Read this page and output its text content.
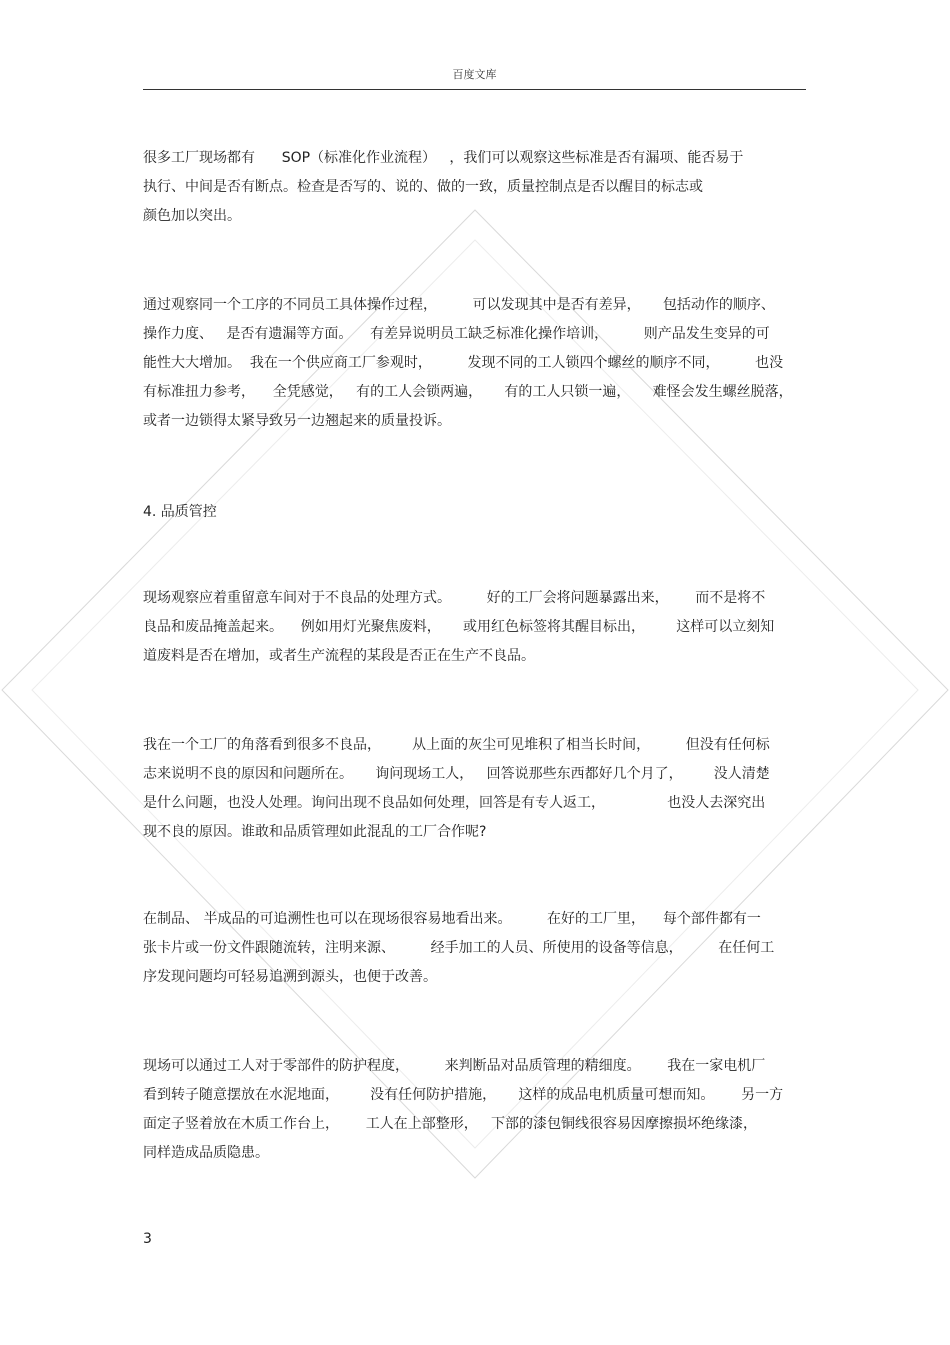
百度文库

很多工厂现场都有      SOP（标准化作业流程）   ，我们可以观察这些标准是否有漏项、能否易于
执行、中间是否有断点。检查是否写的、说的、做的一致，质量控制点是否以醒目的标志或
颜色加以突出。

通过观察同一个工序的不同员工具体操作过程，        可以发现其中是否有差异，     包括动作的顺序、
操作力度、   是否有遗漏等方面。    有差异说明员工缺乏标准化操作培训，        则产品发生变异的可
能性大大增加。  我在一个供应商工厂参观时，        发现不同的工人锁四个螺丝的顺序不同，        也没
有标准扭力参考，    全凭感觉，   有的工人会锁两遍，     有的工人只锁一遍，     难怪会发生螺丝脱落，
或者一边锁得太紧导致另一边翘起来的质量投诉。

4. 品质管控

现场观察应着重留意车间对于不良品的处理方式。        好的工厂会将问题暴露出来，      而不是将不
良品和废品掩盖起来。    例如用灯光聚焦废料，     或用红色标签将其醒目标出，       这样可以立刻知
道废料是否在增加，或者生产流程的某段是否正在生产不良品。

我在一个工厂的角落看到很多不良品，       从上面的灰尘可见堆积了相当长时间，        但没有任何标
志来说明不良的原因和问题所在。     询问现场工人，   回答说那些东西都好几个月了，       没人清楚
是什么问题，也没人处理。询问出现不良品如何处理，回答是有专人返工，              也没人去深究出
现不良的原因。谁敢和品质管理如此混乱的工厂合作呢?

在制品、 半成品的可追溯性也可以在现场很容易地看出来。        在好的工厂里，    每个部件都有一
张卡片或一份文件跟随流转，注明来源、        经手加工的人员、所使用的设备等信息，        在任何工
序发现问题均可轻易追溯到源头，也便于改善。

现场可以通过工人对于零部件的防护程度，        来判断品对品质管理的精细度。      我在一家电机厂
看到转子随意摆放在水泥地面，       没有任何防护措施，     这样的成品电机质量可想而知。      另一方
面定子竖着放在木质工作台上，      工人在上部整形，   下部的漆包铜线很容易因摩擦损坏绝缘漆，
同样造成品质隐患。

3
